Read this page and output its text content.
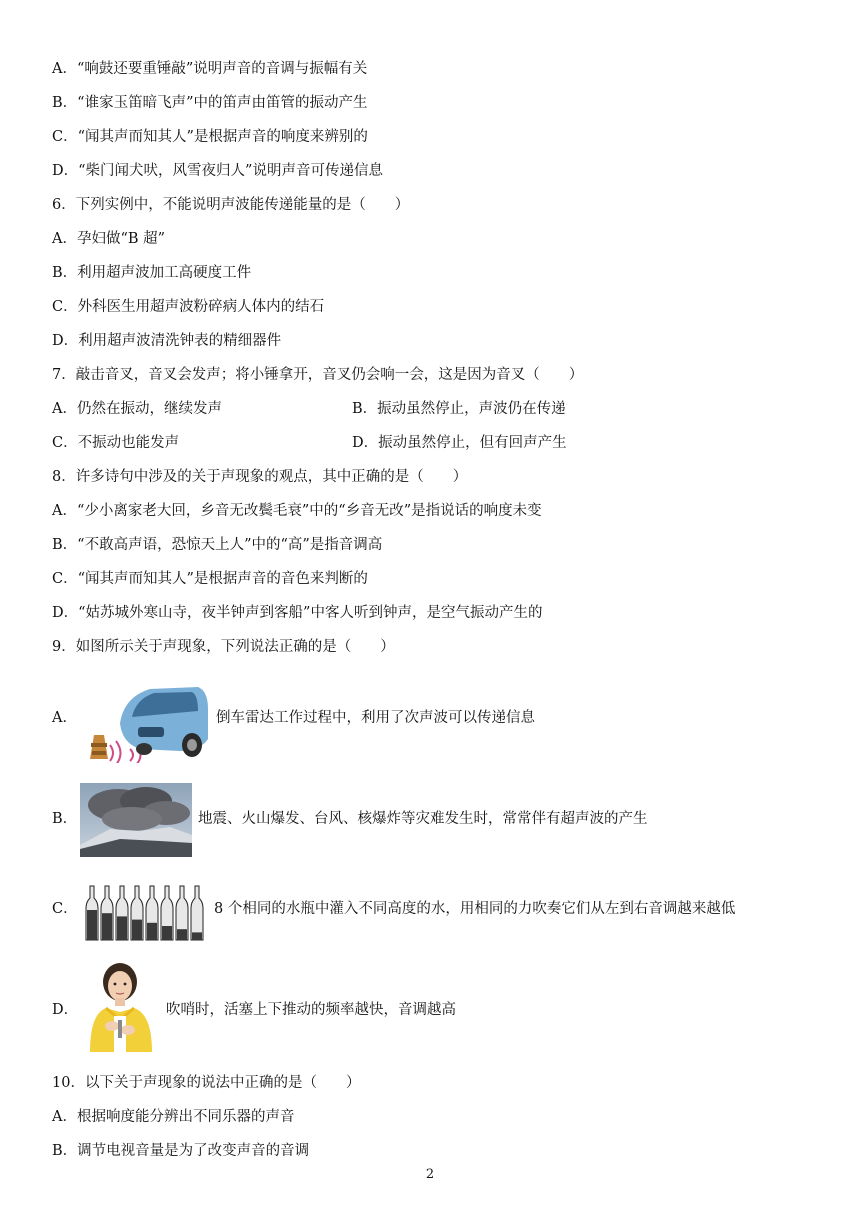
A．“响鼓还要重锤敲”说明声音的音调与振幅有关
B．“谁家玉笛暗飞声”中的笛声由笛管的振动产生
C．“闻其声而知其人”是根据声音的响度来辨别的
D．“柴门闻犬吠，风雪夜归人”说明声音可传递信息
6．下列实例中，不能说明声波能传递能量的是（　　）
A．孕妇做“B 超”
B．利用超声波加工高硬度工件
C．外科医生用超声波粉碎病人体内的结石
D．利用超声波清洗钟表的精细器件
7．敲击音叉，音叉会发声；将小锤拿开，音叉仍会响一会，这是因为音叉（　　）
A．仍然在振动，继续发声	B．振动虽然停止，声波仍在传递
C．不振动也能发声	D．振动虽然停止，但有回声产生
8．许多诗句中涉及的关于声现象的观点，其中正确的是（　　）
A．“少小离家老大回，乡音无改鬓毛衰”中的“乡音无改”是指说话的响度未变
B．“不敢高声语，恐惊天上人”中的“高”是指音调高
C．“闻其声而知其人”是根据声音的音色来判断的
D．“姑苏城外寒山寺，夜半钟声到客船”中客人听到钟声，是空气振动产生的
9．如图所示关于声现象，下列说法正确的是（　　）
A．	倒车雷达工作过程中，利用了次声波可以传递信息
B．	地震、火山爆发、台风、核爆炸等灾难发生时，常常伴有超声波的产生
C．	8 个相同的水瓶中灌入不同高度的水，用相同的力吹奏它们从左到右音调越来越低
D．	吹哨时，活塞上下推动的频率越快，音调越高
10．以下关于声现象的说法中正确的是（　　）
A．根据响度能分辨出不同乐器的声音
B．调节电视音量是为了改变声音的音调
2
